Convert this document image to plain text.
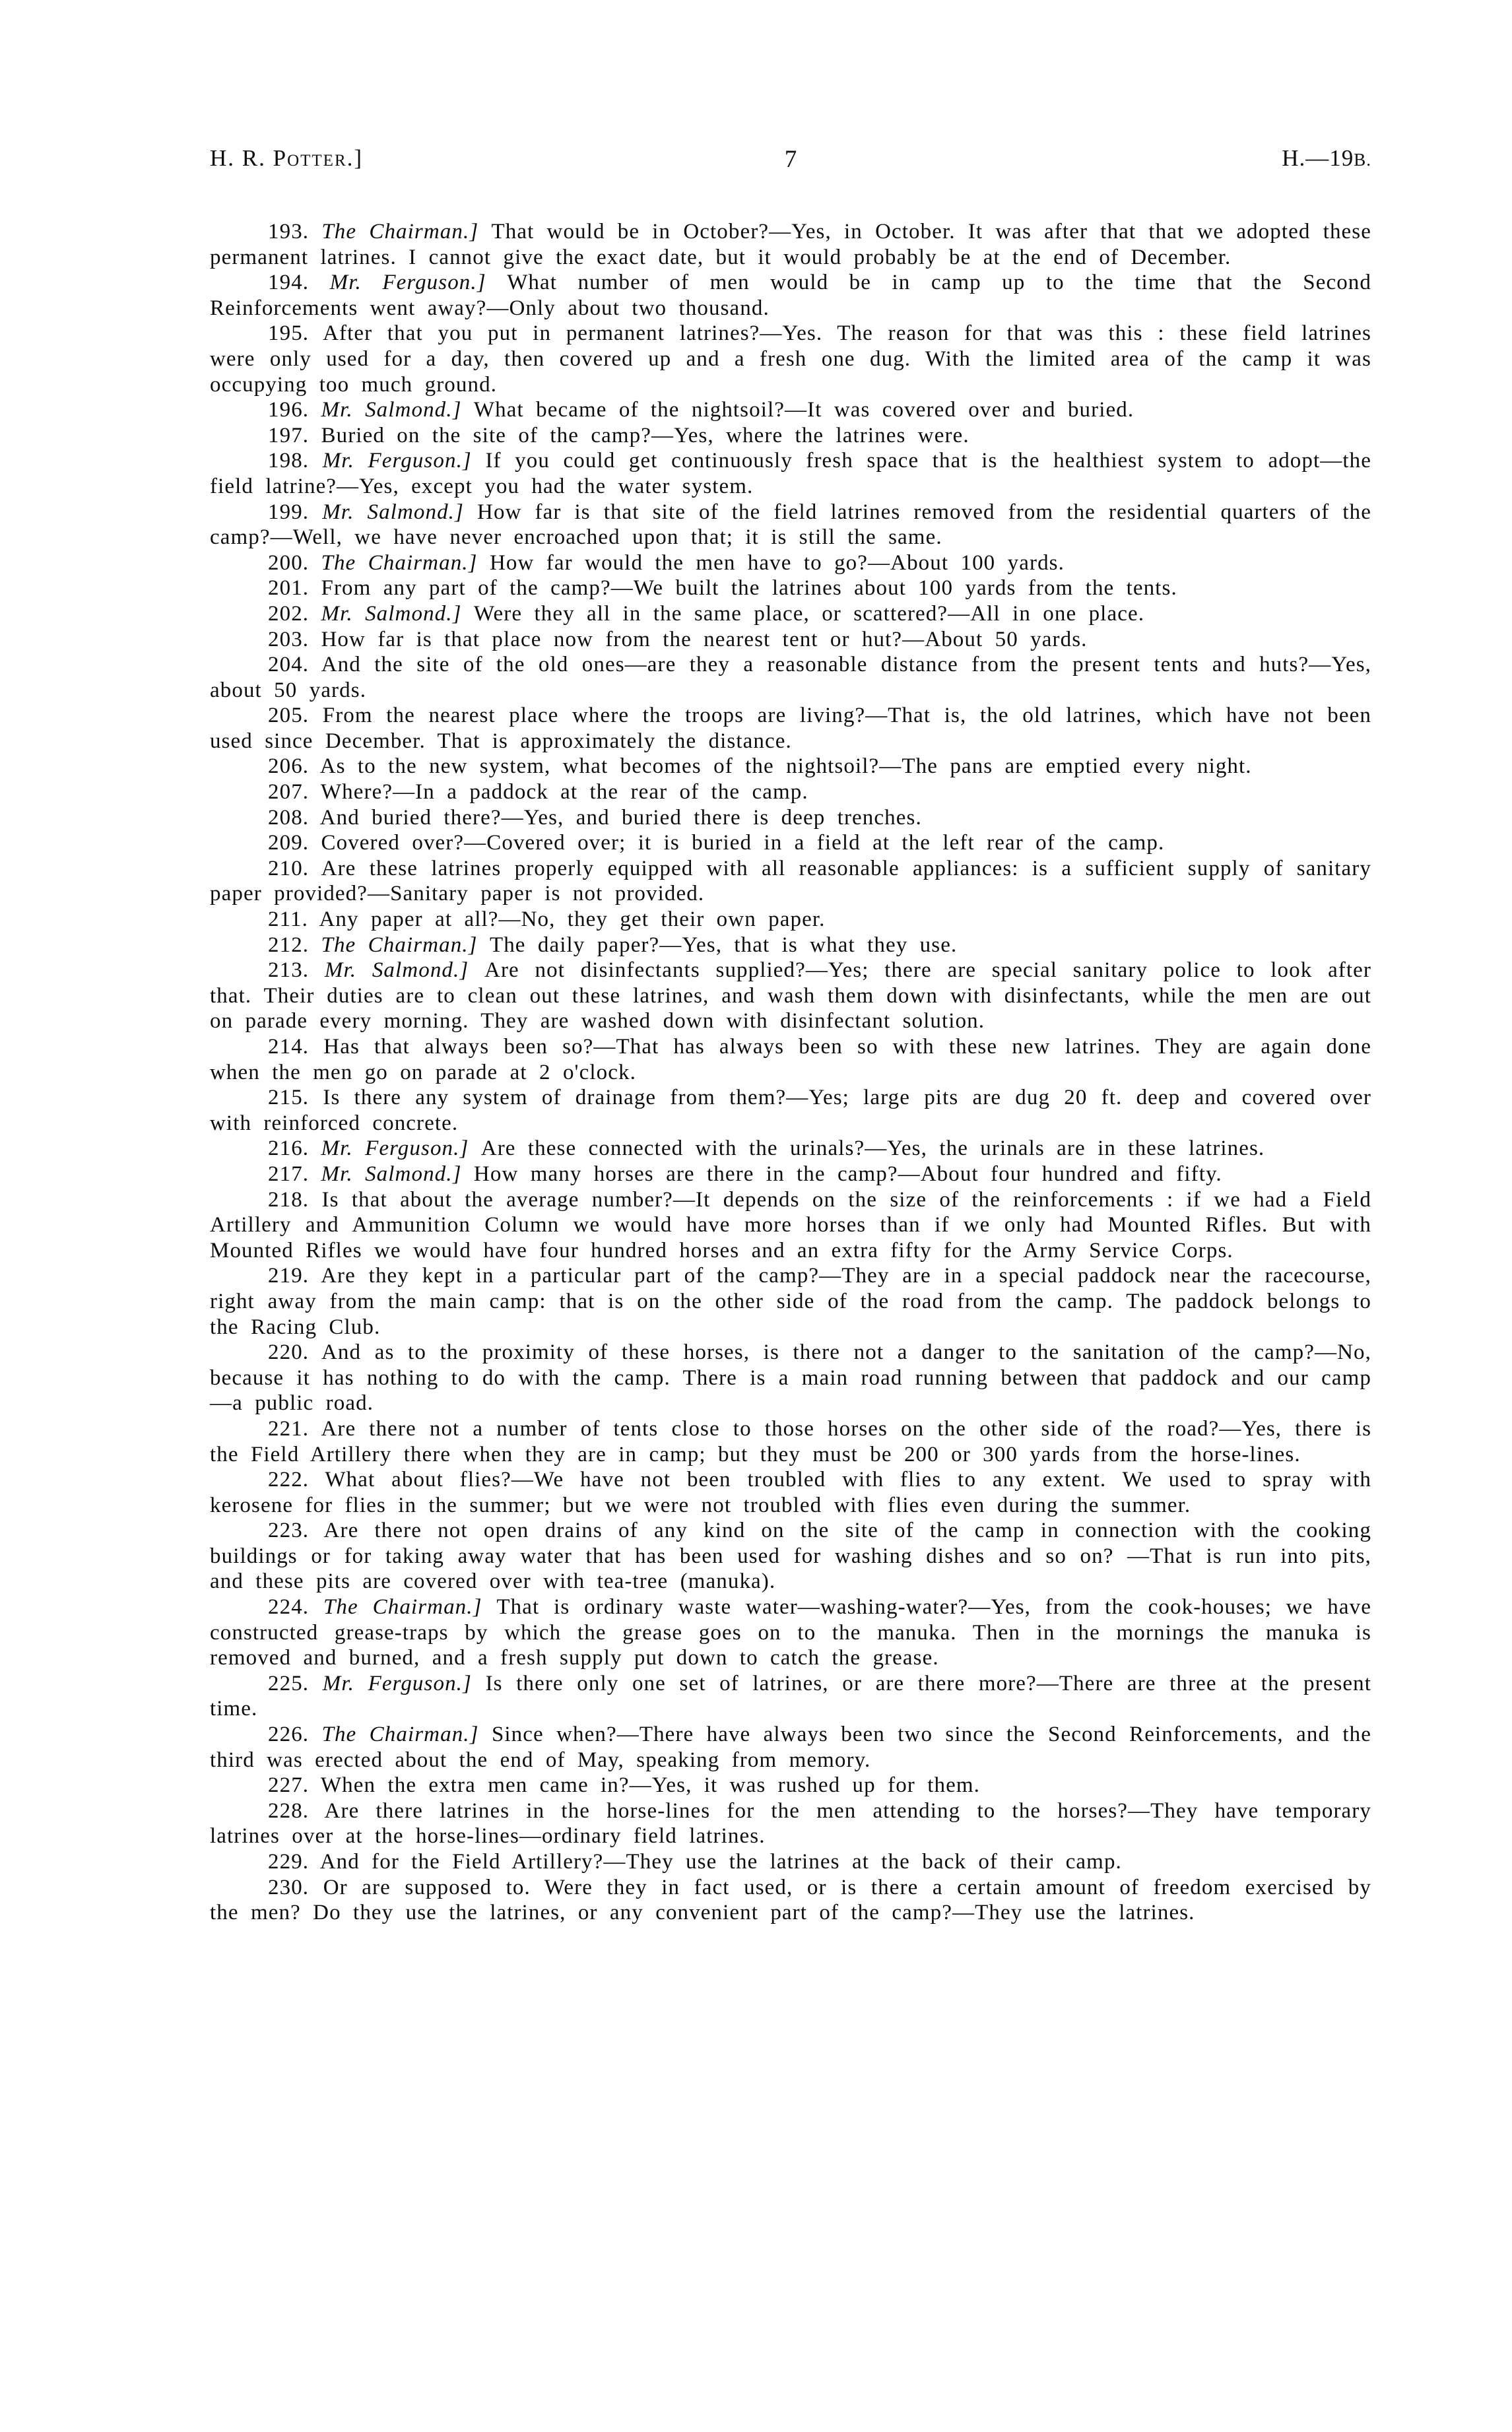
H. R. Potter.]	7	H.—19B.

193. The Chairman.] That would be in October?—Yes, in October. It was after that that we adopted these permanent latrines. I cannot give the exact date, but it would probably be at the end of December.

194. Mr. Ferguson.] What number of men would be in camp up to the time that the Second Reinforcements went away?—Only about two thousand.

195. After that you put in permanent latrines?—Yes. The reason for that was this : these field latrines were only used for a day, then covered up and a fresh one dug. With the limited area of the camp it was occupying too much ground.

196. Mr. Salmond.] What became of the nightsoil?—It was covered over and buried.

197. Buried on the site of the camp?—Yes, where the latrines were.

198. Mr. Ferguson.] If you could get continuously fresh space that is the healthiest system to adopt—the field latrine?—Yes, except you had the water system.

199. Mr. Salmond.] How far is that site of the field latrines removed from the residential quarters of the camp?—Well, we have never encroached upon that; it is still the same.

200. The Chairman.] How far would the men have to go?—About 100 yards.

201. From any part of the camp?—We built the latrines about 100 yards from the tents.

202. Mr. Salmond.] Were they all in the same place, or scattered?—All in one place.

203. How far is that place now from the nearest tent or hut?—About 50 yards.

204. And the site of the old ones—are they a reasonable distance from the present tents and huts?—Yes, about 50 yards.

205. From the nearest place where the troops are living?—That is, the old latrines, which have not been used since December. That is approximately the distance.

206. As to the new system, what becomes of the nightsoil?—The pans are emptied every night.

207. Where?—In a paddock at the rear of the camp.

208. And buried there?—Yes, and buried there is deep trenches.

209. Covered over?—Covered over; it is buried in a field at the left rear of the camp.

210. Are these latrines properly equipped with all reasonable appliances: is a sufficient supply of sanitary paper provided?—Sanitary paper is not provided.

211. Any paper at all?—No, they get their own paper.

212. The Chairman.] The daily paper?—Yes, that is what they use.

213. Mr. Salmond.] Are not disinfectants supplied?—Yes; there are special sanitary police to look after that. Their duties are to clean out these latrines, and wash them down with disinfectants, while the men are out on parade every morning. They are washed down with disinfectant solution.

214. Has that always been so?—That has always been so with these new latrines. They are again done when the men go on parade at 2 o'clock.

215. Is there any system of drainage from them?—Yes; large pits are dug 20 ft. deep and covered over with reinforced concrete.

216. Mr. Ferguson.] Are these connected with the urinals?—Yes, the urinals are in these latrines.

217. Mr. Salmond.] How many horses are there in the camp?—About four hundred and fifty.

218. Is that about the average number?—It depends on the size of the reinforcements : if we had a Field Artillery and Ammunition Column we would have more horses than if we only had Mounted Rifles. But with Mounted Rifles we would have four hundred horses and an extra fifty for the Army Service Corps.

219. Are they kept in a particular part of the camp?—They are in a special paddock near the racecourse, right away from the main camp: that is on the other side of the road from the camp. The paddock belongs to the Racing Club.

220. And as to the proximity of these horses, is there not a danger to the sanitation of the camp?—No, because it has nothing to do with the camp. There is a main road running between that paddock and our camp—a public road.

221. Are there not a number of tents close to those horses on the other side of the road?—Yes, there is the Field Artillery there when they are in camp; but they must be 200 or 300 yards from the horse-lines.

222. What about flies?—We have not been troubled with flies to any extent. We used to spray with kerosene for flies in the summer; but we were not troubled with flies even during the summer.

223. Are there not open drains of any kind on the site of the camp in connection with the cooking buildings or for taking away water that has been used for washing dishes and so on? —That is run into pits, and these pits are covered over with tea-tree (manuka).

224. The Chairman.] That is ordinary waste water—washing-water?—Yes, from the cook-houses; we have constructed grease-traps by which the grease goes on to the manuka. Then in the mornings the manuka is removed and burned, and a fresh supply put down to catch the grease.

225. Mr. Ferguson.] Is there only one set of latrines, or are there more?—There are three at the present time.

226. The Chairman.] Since when?—There have always been two since the Second Reinforcements, and the third was erected about the end of May, speaking from memory.

227. When the extra men came in?—Yes, it was rushed up for them.

228. Are there latrines in the horse-lines for the men attending to the horses?—They have temporary latrines over at the horse-lines—ordinary field latrines.

229. And for the Field Artillery?—They use the latrines at the back of their camp.

230. Or are supposed to. Were they in fact used, or is there a certain amount of freedom exercised by the men? Do they use the latrines, or any convenient part of the camp?—They use the latrines.
